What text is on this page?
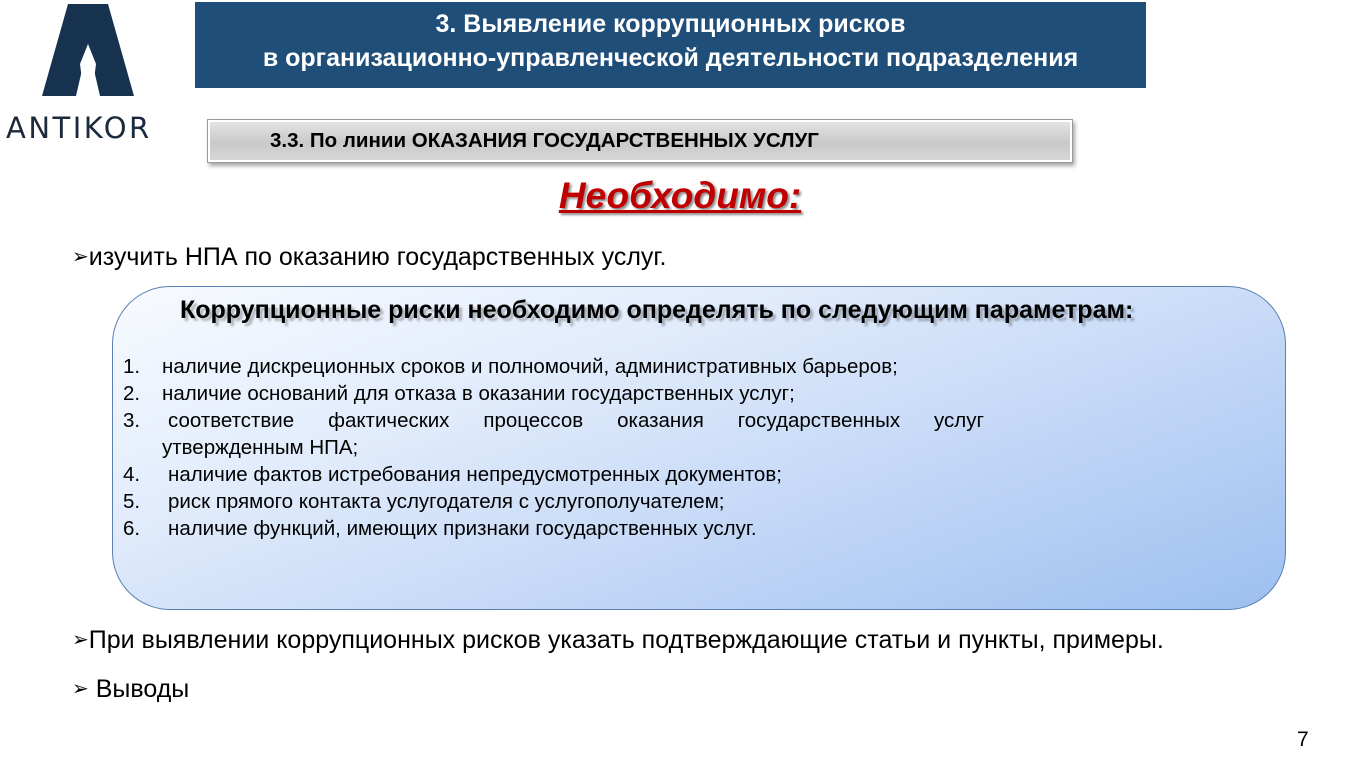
ANTIKOR
3. Выявление коррупционных рисков
в организационно-управленческой деятельности подразделения
3.3. По линии ОКАЗАНИЯ ГОСУДАРСТВЕННЫХ УСЛУГ
Необходимо:
➢изучить НПА по оказанию государственных услуг.
Коррупционные риски необходимо определять по следующим параметрам:
1.	наличие дискреционных сроков и полномочий, административных барьеров;
2.	наличие оснований для отказа в оказании государственных услуг;
3. соответствие фактических процессов оказания государственных услуг
утвержденным НПА;
4.	наличие фактов истребования непредусмотренных документов;
5.	риск прямого контакта услугодателя с услугополучателем;
6.	наличие функций, имеющих признаки государственных услуг.
➢При выявлении коррупционных рисков указать подтверждающие статьи и пункты, примеры.
➢ Выводы
7
